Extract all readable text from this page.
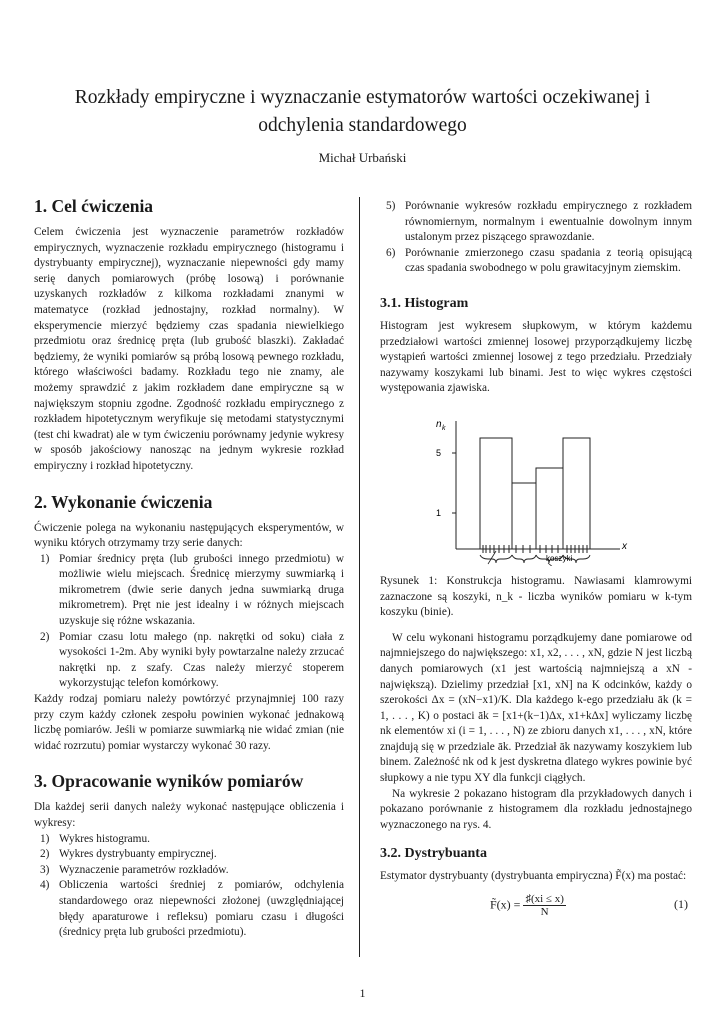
Rozkłady empiryczne i wyznaczanie estymatorów wartości oczekiwanej i odchylenia standardowego
Michał Urbański
1. Cel ćwiczenia

Celem ćwiczenia jest wyznaczenie parametrów rozkładów empirycznych, wyznaczenie rozkładu empirycznego (histogramu i dystrybuanty empirycznej), wyznaczanie niepewności gdy mamy serię danych pomiarowych (próbę losową) i porównanie uzyskanych rozkładów z kilkoma rozkładami znanymi w matematyce (rozkład jednostajny, rozkład normalny). W eksperymencie mierzyć będziemy czas spadania niewielkiego przedmiotu oraz średnicę pręta (lub grubość blaszki). Zakładać będziemy, że wyniki pomiarów są próbą losową pewnego rozkładu, którego właściwości badamy. Rozkładu tego nie znamy, ale możemy sprawdzić z jakim rozkładem dane empiryczne są w największym stopniu zgodne. Zgodność rozkładu empirycznego z rozkładem hipotetycznym weryfikuje się metodami statystycznymi (test chi kwadrat) ale w tym ćwiczeniu porównamy jedynie wykresy w sposób jakościowy nanosząc na jednym wykresie rozkład empiryczny i rozkład hipotetyczny.

2. Wykonanie ćwiczenia

Ćwiczenie polega na wykonaniu następujących eksperymentów, w wyniku których otrzymamy trzy serie danych:

1) Pomiar średnicy pręta (lub grubości innego przedmiotu) w możliwie wielu miejscach. Średnicę mierzymy suwmiarką i mikrometrem (dwie serie danych jedna suwmiarką druga mikrometrem). Pręt nie jest idealny i w różnych miejscach uzyskuje się różne wskazania.
2) Pomiar czasu lotu małego (np. nakrętki od soku) ciała z wysokości 1-2m. Aby wyniki były powtarzalne należy zrzucać nakrętki np. z szafy. Czas należy mierzyć stoperem wykorzystując telefon komórkowy.

Każdy rodzaj pomiaru należy powtórzyć przynajmniej 100 razy przy czym każdy członek zespołu powinien wykonać jednakową liczbę pomiarów. Jeśli w pomiarze suwmiarką nie widać zmian (nie widać rozrzutu) pomiar wystarczy wykonać 30 razy.

3. Opracowanie wyników pomiarów

Dla każdej serii danych należy wykonać następujące obliczenia i wykresy:

1) Wykres histogramu.
2) Wykres dystrybuanty empirycznej.
3) Wyznaczenie parametrów rozkładów.
4) Obliczenia wartości średniej z pomiarów, odchylenia standardowego oraz niepewności złożonej (uwzględniającej błędy aparaturowe i refleksu) pomiaru czasu i długości (średnicy pręta lub grubości przedmiotu).
5) Porównanie wykresów rozkładu empirycznego z rozkładem równomiernym, normalnym i ewentualnie dowolnym innym ustalonym przez piszącego sprawozdanie.
6) Porównanie zmierzonego czasu spadania z teorią opisującą czas spadania swobodnego w polu grawitacyjnym ziemskim.
3.1. Histogram

Histogram jest wykresem słupkowym, w którym każdemu przedziałowi wartości zmiennej losowej przyporządkujemy liczbę wystąpień wartości zmiennej losowej z tego przedziału. Przedziały nazywamy koszykami lub binami. Jest to więc wykres częstości występowania zjawiska.

n k
5
1
x
koszyki

Rysunek 1: Konstrukcja histogramu. Nawiasami klamrowymi zaznaczone są koszyki, n_k - liczba wyników pomiaru w k-tym koszyku (binie).

W celu wykonani histogramu porządkujemy dane pomiarowe od najmniejszego do największego: x1, x2, . . . , xN, gdzie N jest liczbą danych pomiarowych (x1 jest wartością najmniejszą a xN - największą). Dzielimy przedział [x1, xN] na K odcinków, każdy o szerokości Δx = (xN−x1)/K. Dla każdego k-ego przedziału āk (k = 1, . . . , K) o postaci āk = [x1+(k−1)Δx, x1+kΔx] wyliczamy liczbę nk elementów xi (i = 1, . . . , N) ze zbioru danych x1, . . . , xN, które znajdują się w przedziale āk. Przedział āk nazywamy koszykiem lub binem. Zależność nk od k jest dyskretna dlatego wykres powinie być słupkowy a nie typu XY dla funkcji ciągłych.

Na wykresie 2 pokazano histogram dla przykładowych danych i pokazano porównanie z histogramem dla rozkładu jednostajnego wyznaczonego na rys. 4.

3.2. Dystrybuanta

Estymator dystrybuanty (dystrybuanta empiryczna) F̃(x) ma postać:

F̃(x) = $\frac{♯(xi \le x)}{N}$	(1)
1
